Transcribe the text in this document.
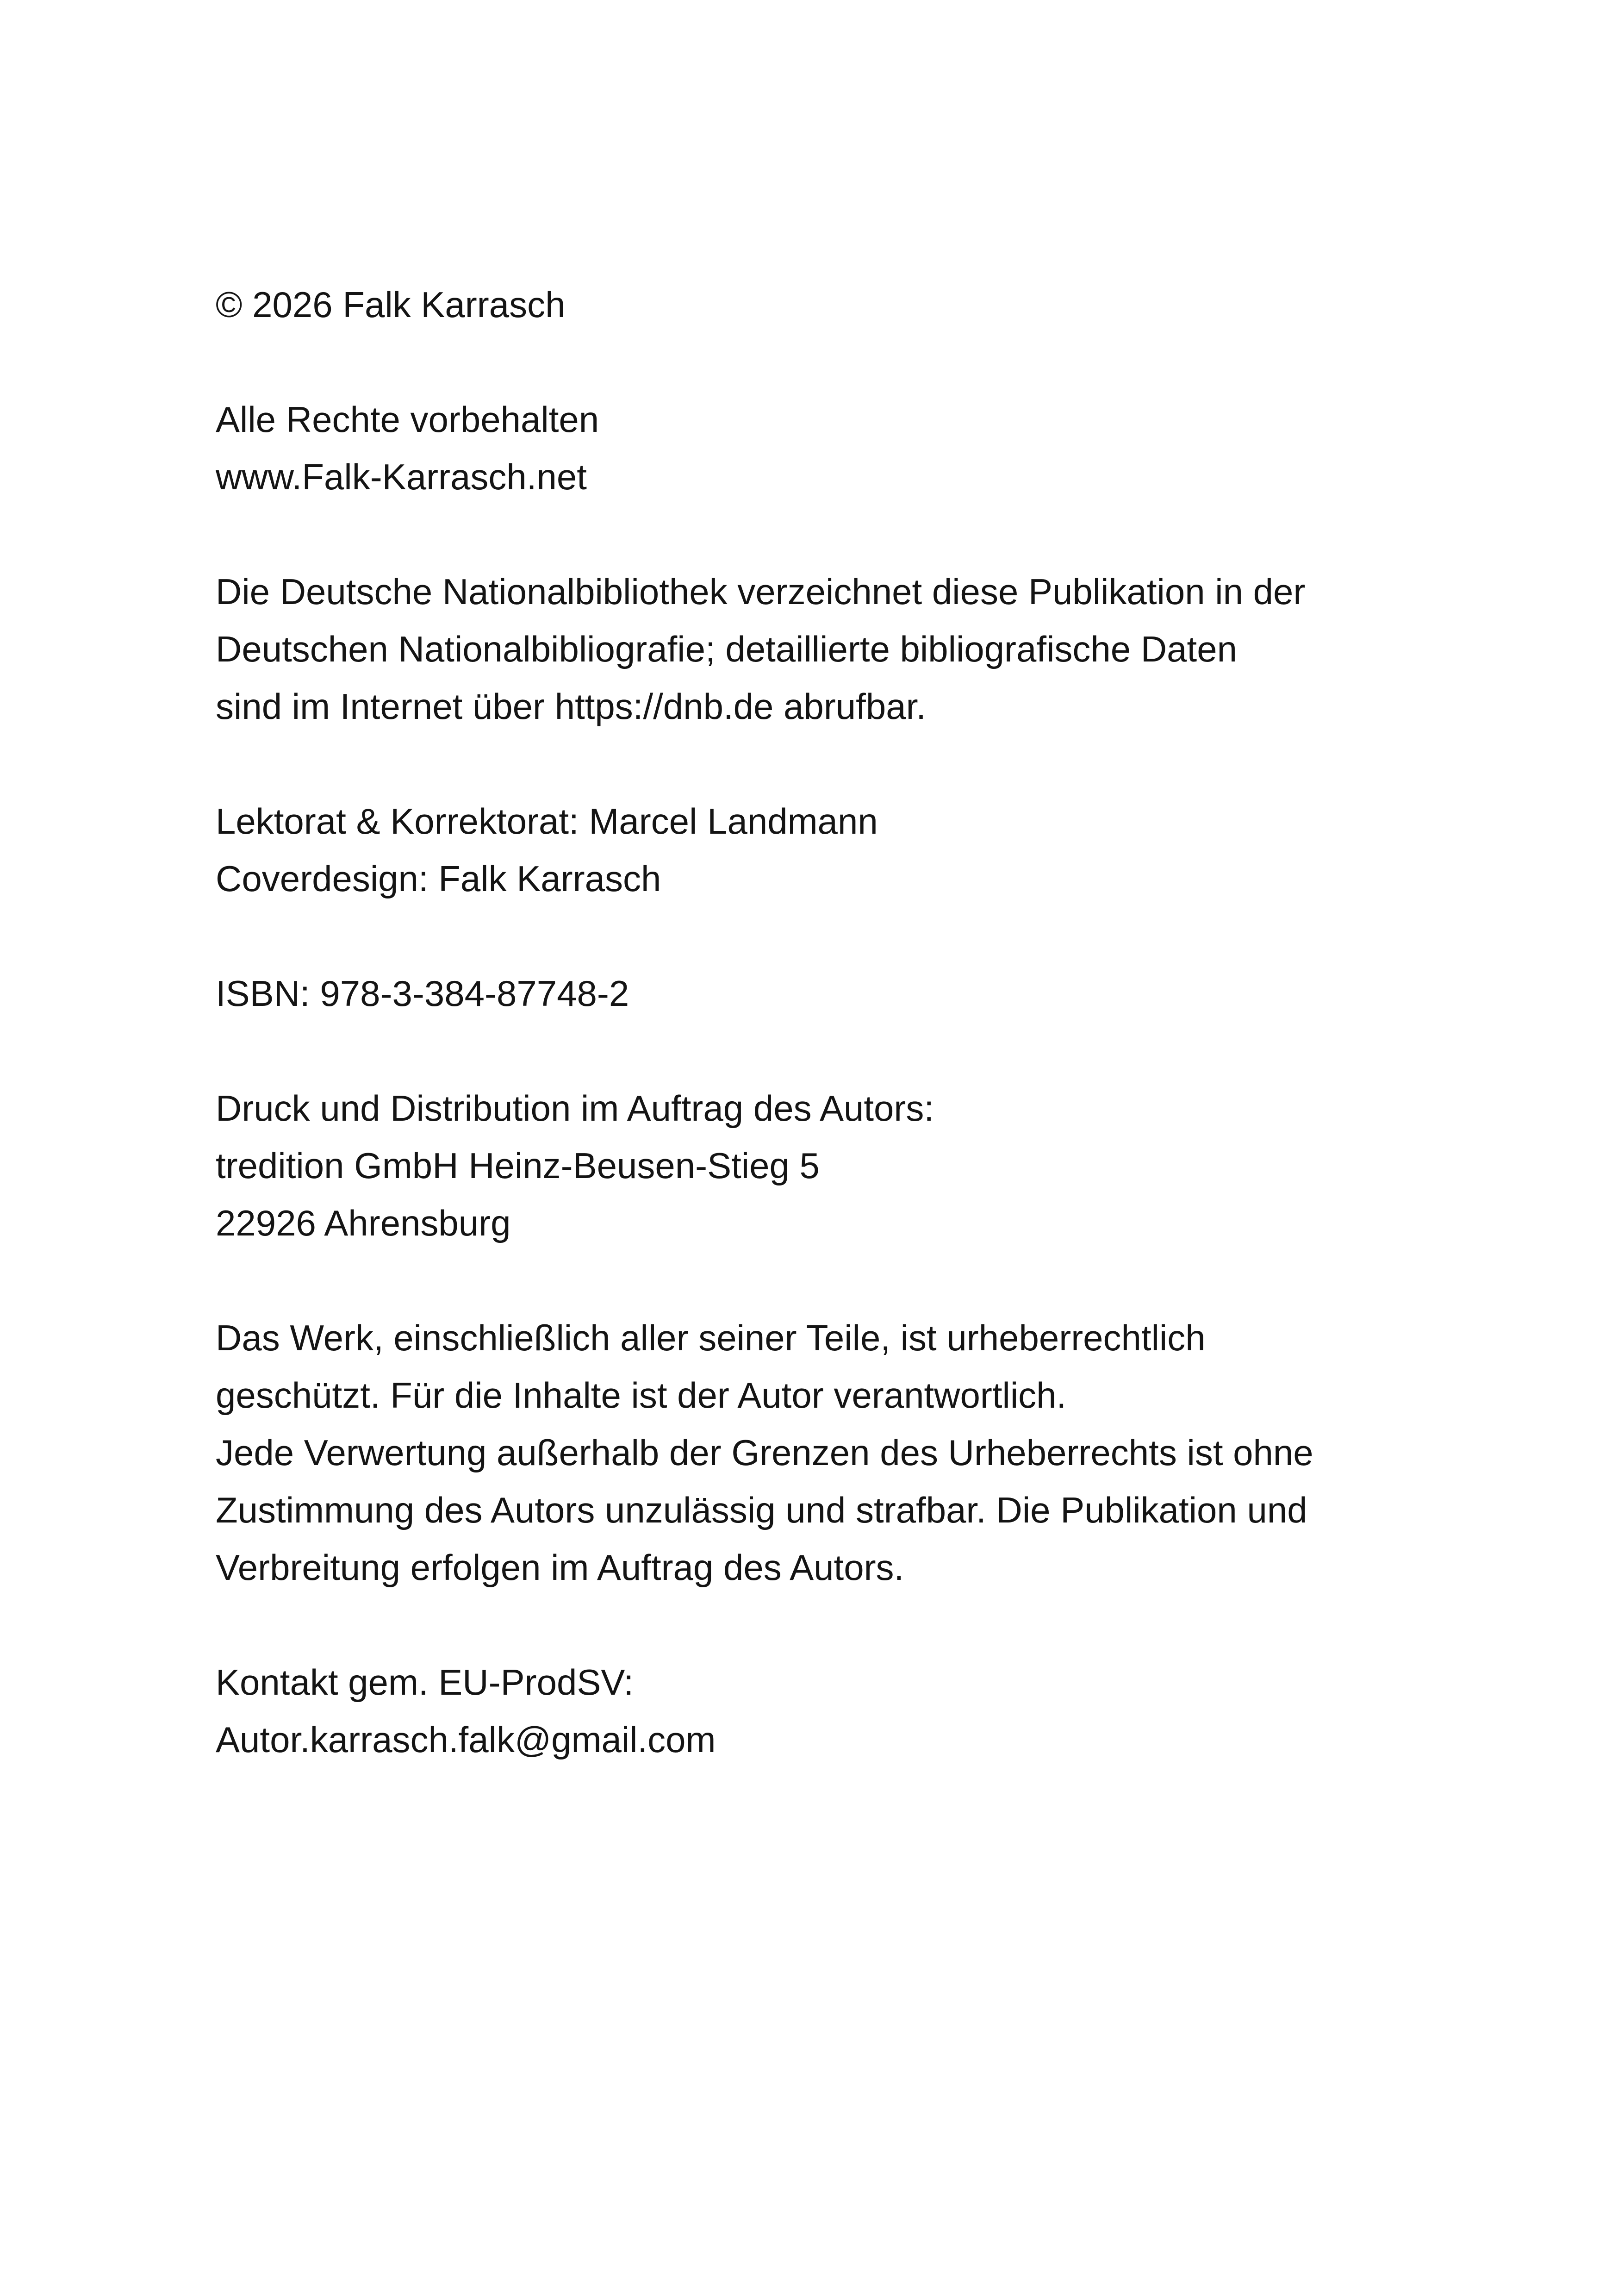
© 2026 Falk Karrasch
Alle Rechte vorbehalten
www.Falk-Karrasch.net
Die Deutsche Nationalbibliothek verzeichnet diese Publikation in der
Deutschen Nationalbibliografie; detaillierte bibliografische Daten
sind im Internet über https://dnb.de abrufbar.
Lektorat & Korrektorat: Marcel Landmann
Coverdesign: Falk Karrasch
ISBN: 978-3-384-87748-2
Druck und Distribution im Auftrag des Autors:
tredition GmbH Heinz-Beusen-Stieg 5
22926 Ahrensburg
Das Werk, einschließlich aller seiner Teile, ist urheberrechtlich
geschützt. Für die Inhalte ist der Autor verantwortlich.
Jede Verwertung außerhalb der Grenzen des Urheberrechts ist ohne
Zustimmung des Autors unzulässig und strafbar. Die Publikation und
Verbreitung erfolgen im Auftrag des Autors.
Kontakt gem. EU-ProdSV:
Autor.karrasch.falk@gmail.com
